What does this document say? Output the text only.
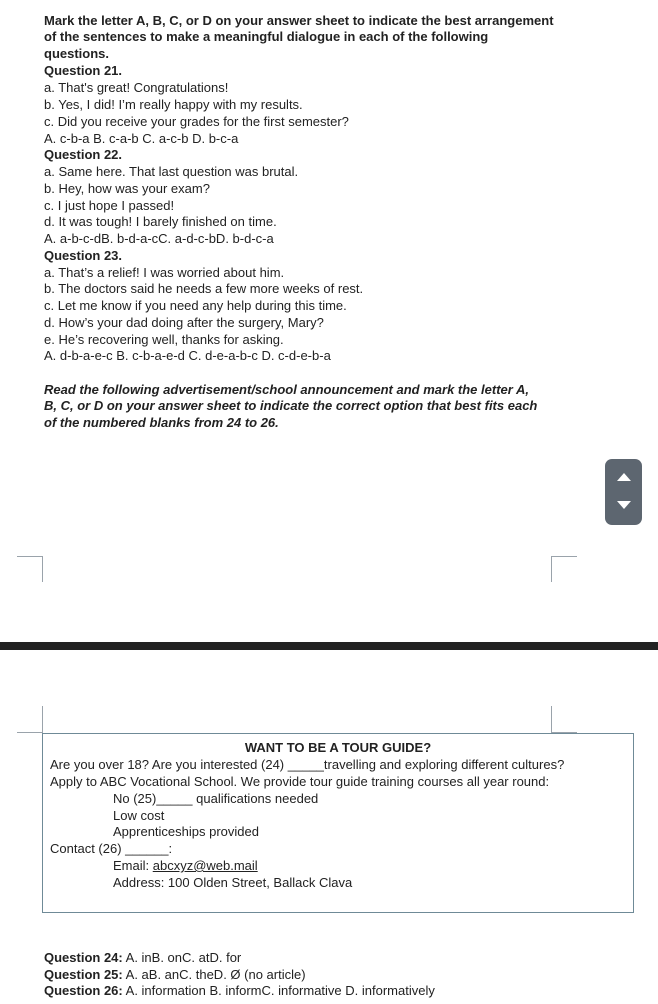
Mark the letter A, B, C, or D on your answer sheet to indicate the best arrangement
of the sentences to make a meaningful dialogue in each of the following
questions.
Question 21.
a. That's great! Congratulations!
b. Yes, I did! I’m really happy with my results.
c. Did you receive your grades for the first semester?
A. c-b-a B. c-a-b C. a-c-b D. b-c-a
Question 22.
a. Same here. That last question was brutal.
b. Hey, how was your exam?
c. I just hope I passed!
d. It was tough! I barely finished on time.
A. a-b-c-dB. b-d-a-cC. a-d-c-bD. b-d-c-a
Question 23.
a. That’s a relief! I was worried about him.
b. The doctors said he needs a few more weeks of rest.
c. Let me know if you need any help during this time.
d. How’s your dad doing after the surgery, Mary?
e. He’s recovering well, thanks for asking.
A. d-b-a-e-c B. c-b-a-e-d C. d-e-a-b-c D. c-d-e-b-a
Read the following advertisement/school announcement and mark the letter A,
B, C, or D on your answer sheet to indicate the correct option that best fits each
of the numbered blanks from 24 to 26.
WANT TO BE A TOUR GUIDE?
Are you over 18? Are you interested (24) _____travelling and exploring different cultures?
Apply to ABC Vocational School. We provide tour guide training courses all year round:
No (25)_____ qualifications needed
Low cost
Apprenticeships provided
Contact (26) ______:
Email: abcxyz@web.mail
Address: 100 Olden Street, Ballack Clava
Question 24: A. inB. onC. atD. for
Question 25: A. aB. anC. theD. Ø (no article)
Question 26: A. information B. informC. informative D. informatively
